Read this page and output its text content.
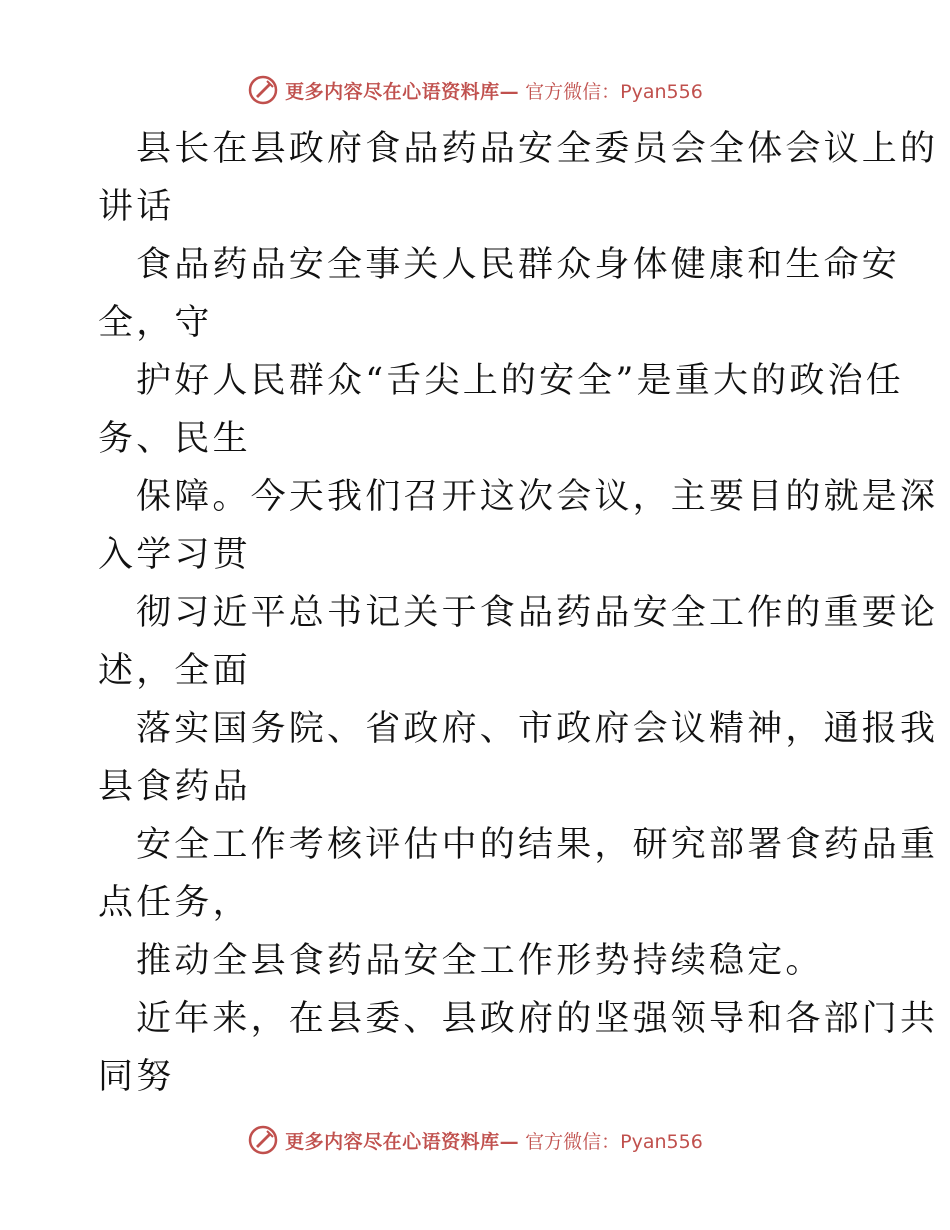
更多内容尽在心语资料库— 官方微信：Pyan556
县长在县政府食品药品安全委员会全体会议上的
讲话
食品药品安全事关人民群众身体健康和生命安
全，守
护好人民群众“舌尖上的安全”是重大的政治任
务、民生
保障。今天我们召开这次会议，主要目的就是深
入学习贯
彻习近平总书记关于食品药品安全工作的重要论
述，全面
落实国务院、省政府、市政府会议精神，通报我
县食药品
安全工作考核评估中的结果，研究部署食药品重
点任务，
推动全县食药品安全工作形势持续稳定。
近年来，在县委、县政府的坚强领导和各部门共
同努
更多内容尽在心语资料库— 官方微信：Pyan556
